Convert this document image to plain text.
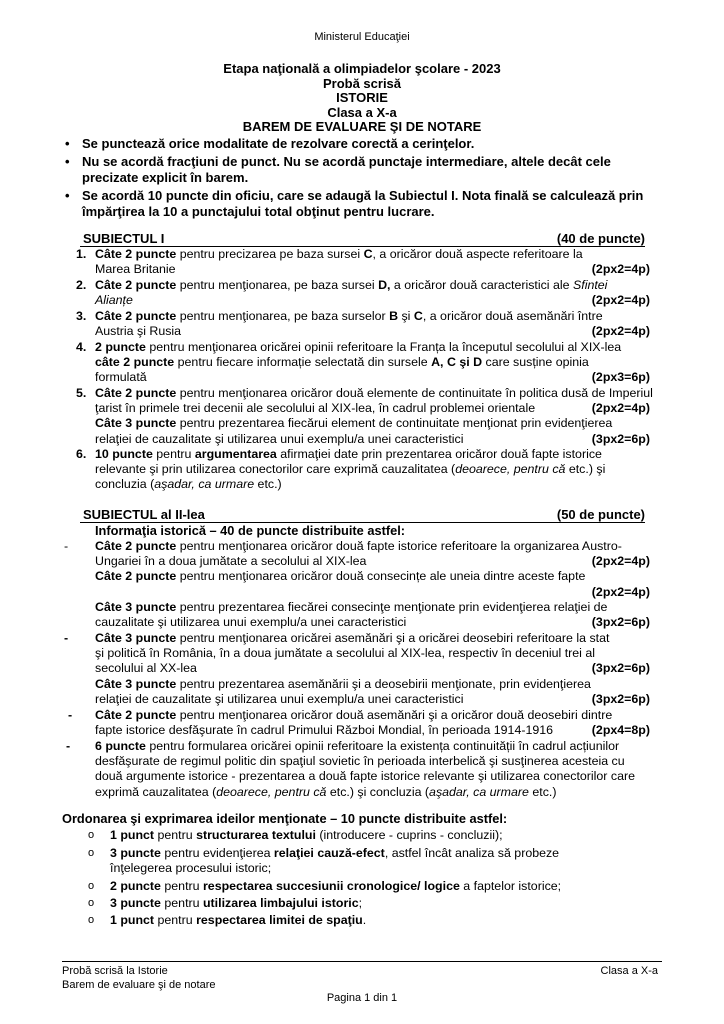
Ministerul Educaţiei
Etapa naţională a olimpiadelor şcolare - 2023
Probă scrisă
ISTORIE
Clasa a X-a
BAREM DE EVALUARE ŞI DE NOTARE
• Se punctează orice modalitate de rezolvare corectă a cerinţelor.
• Nu se acordă fracţiuni de punct. Nu se acordă punctaje intermediare, altele decât cele precizate explicit în barem.
• Se acordă 10 puncte din oficiu, care se adaugă la Subiectul I. Nota finală se calculează prin împărţirea la 10 a punctajului total obţinut pentru lucrare.
SUBIECTUL I	(40 de puncte)
1. Câte 2 puncte pentru precizarea pe baza sursei C, a oricăror două aspecte referitoare la
Marea Britanie	(2px2=4p)
2. Câte 2 puncte pentru menţionarea, pe baza sursei D, a oricăror două caracteristici ale Sfintei
Alianțe	(2px2=4p)
3. Câte 2 puncte pentru menţionarea, pe baza surselor B şi C, a oricăror două asemănări între
Austria şi Rusia	(2px2=4p)
4. 2 puncte pentru menţionarea oricărei opinii referitoare la Franța la începutul secolului al XIX-lea
câte 2 puncte pentru fiecare informație selectată din sursele A, C şi D care susține opinia
formulată	(2px3=6p)
5. Câte 2 puncte pentru menţionarea oricăror două elemente de continuitate în politica dusă de Imperiul
ţarist în primele trei decenii ale secolului al XIX-lea, în cadrul problemei orientale	(2px2=4p)
Câte 3 puncte pentru prezentarea fiecărui element de continuitate menţionat prin evidenţierea
relaţiei de cauzalitate şi utilizarea unui exemplu/a unei caracteristici	(3px2=6p)
6. 10 puncte pentru argumentarea afirmaţiei date prin prezentarea oricăror două fapte istorice
relevante şi prin utilizarea conectorilor care exprimă cauzalitatea (deoarece, pentru că etc.) şi
concluzia (aşadar, ca urmare etc.)
SUBIECTUL al II-lea	(50 de puncte)
Informaţia istorică – 40 de puncte distribuite astfel:
- Câte 2 puncte pentru menţionarea oricăror două fapte istorice referitoare la organizarea Austro-
Ungariei în a doua jumătate a secolului al XIX-lea	(2px2=4p)
Câte 2 puncte pentru menţionarea oricăror două consecințe ale uneia dintre aceste fapte
(2px2=4p)
Câte 3 puncte pentru prezentarea fiecărei consecinţe menţionate prin evidenţierea relaţiei de
cauzalitate şi utilizarea unui exemplu/a unei caracteristici	(3px2=6p)
- Câte 3 puncte pentru menţionarea oricărei asemănări şi a oricărei deosebiri referitoare la stat
şi politică în România, în a doua jumătate a secolului al XIX-lea, respectiv în deceniul trei al
secolului al XX-lea	(3px2=6p)
Câte 3 puncte pentru prezentarea asemănării şi a deosebirii menţionate, prin evidenţierea
relaţiei de cauzalitate şi utilizarea unui exemplu/a unei caracteristici	(3px2=6p)
- Câte 2 puncte pentru menţionarea oricăror două asemănări şi a oricăror două deosebiri dintre
fapte istorice desfăşurate în cadrul Primului Război Mondial, în perioada 1914-1916	(2px4=8p)
- 6 puncte pentru formularea oricărei opinii referitoare la existența continuității în cadrul acțiunilor
desfăşurate de regimul politic din spaţiul sovietic în perioada interbelică şi susţinerea acesteia cu
două argumente istorice - prezentarea a două fapte istorice relevante şi utilizarea conectorilor care
exprimă cauzalitatea (deoarece, pentru că etc.) şi concluzia (aşadar, ca urmare etc.)
Ordonarea şi exprimarea ideilor menţionate – 10 puncte distribuite astfel:
o 1 punct pentru structurarea textului (introducere - cuprins - concluzii);
o 3 puncte pentru evidenţierea relaţiei cauză-efect, astfel încât analiza să probeze
înţelegerea procesului istoric;
o 2 puncte pentru respectarea succesiunii cronologice/ logice a faptelor istorice;
o 3 puncte pentru utilizarea limbajului istoric;
o 1 punct pentru respectarea limitei de spaţiu.
Probă scrisă la Istorie
Barem de evaluare şi de notare
Clasa a X-a
Pagina 1 din 1
